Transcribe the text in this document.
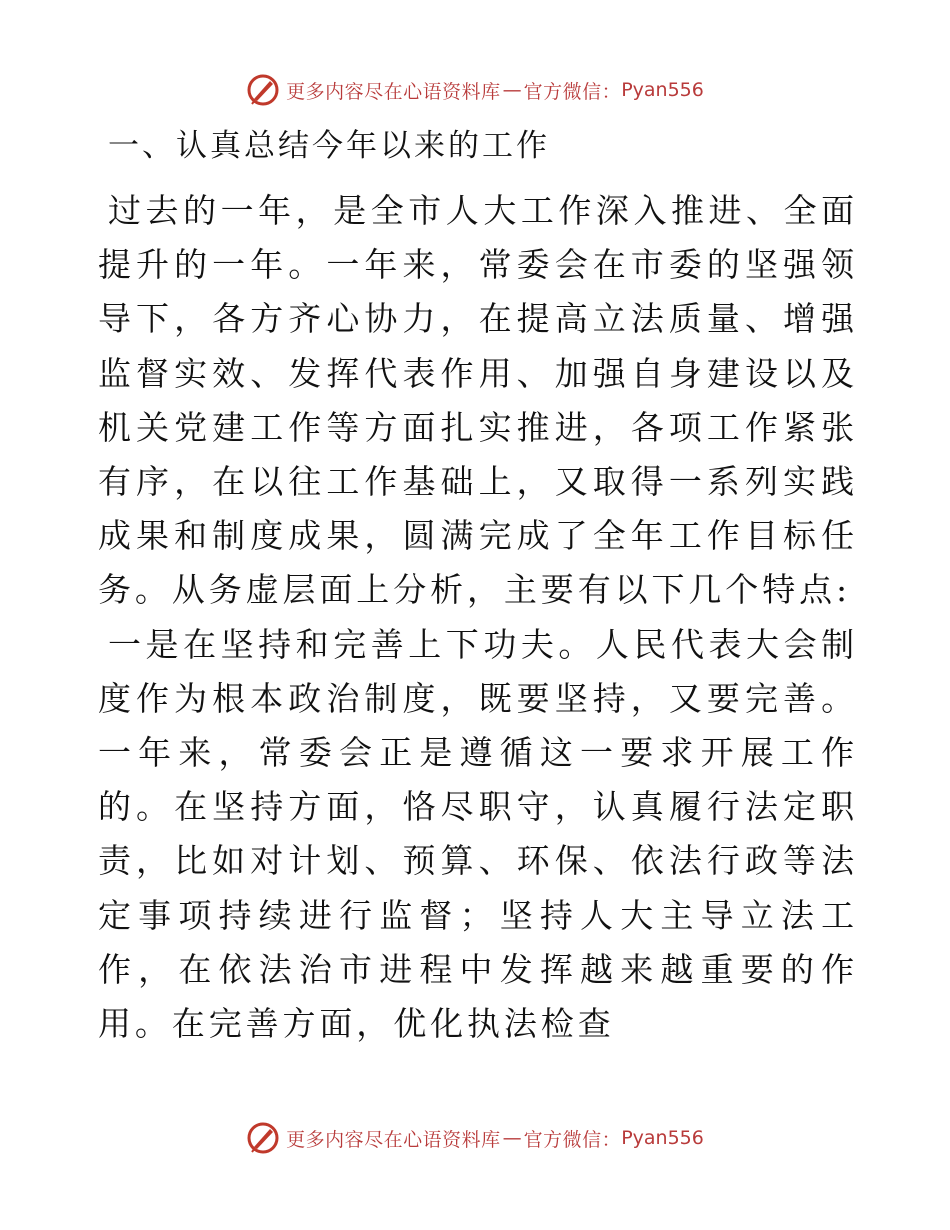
更多内容尽在心语资料库 — 官方微信： Pyan556
一、认真总结今年以来的工作

过去的一年，是全市人大工作深入推进、全面提升的一年。一年来，常委会在市委的坚强领导下，各方齐心协力，在提高立法质量、增强监督实效、发挥代表作用、加强自身建设以及机关党建工作等方面扎实推进，各项工作紧张有序，在以往工作基础上，又取得一系列实践成果和制度成果，圆满完成了全年工作目标任务。从务虚层面上分析，主要有以下几个特点:

一是在坚持和完善上下功夫。人民代表大会制度作为根本政治制度，既要坚持，又要完善。一年来，常委会正是遵循这一要求开展工作的。在坚持方面，恪尽职守，认真履行法定职责，比如对计划、预算、环保、依法行政等法定事项持续进行监督；坚持人大主导立法工作，在依法治市进程中发挥越来越重要的作用。在完善方面，优化执法检查

更多内容尽在心语资料库 — 官方微信： Pyan556
